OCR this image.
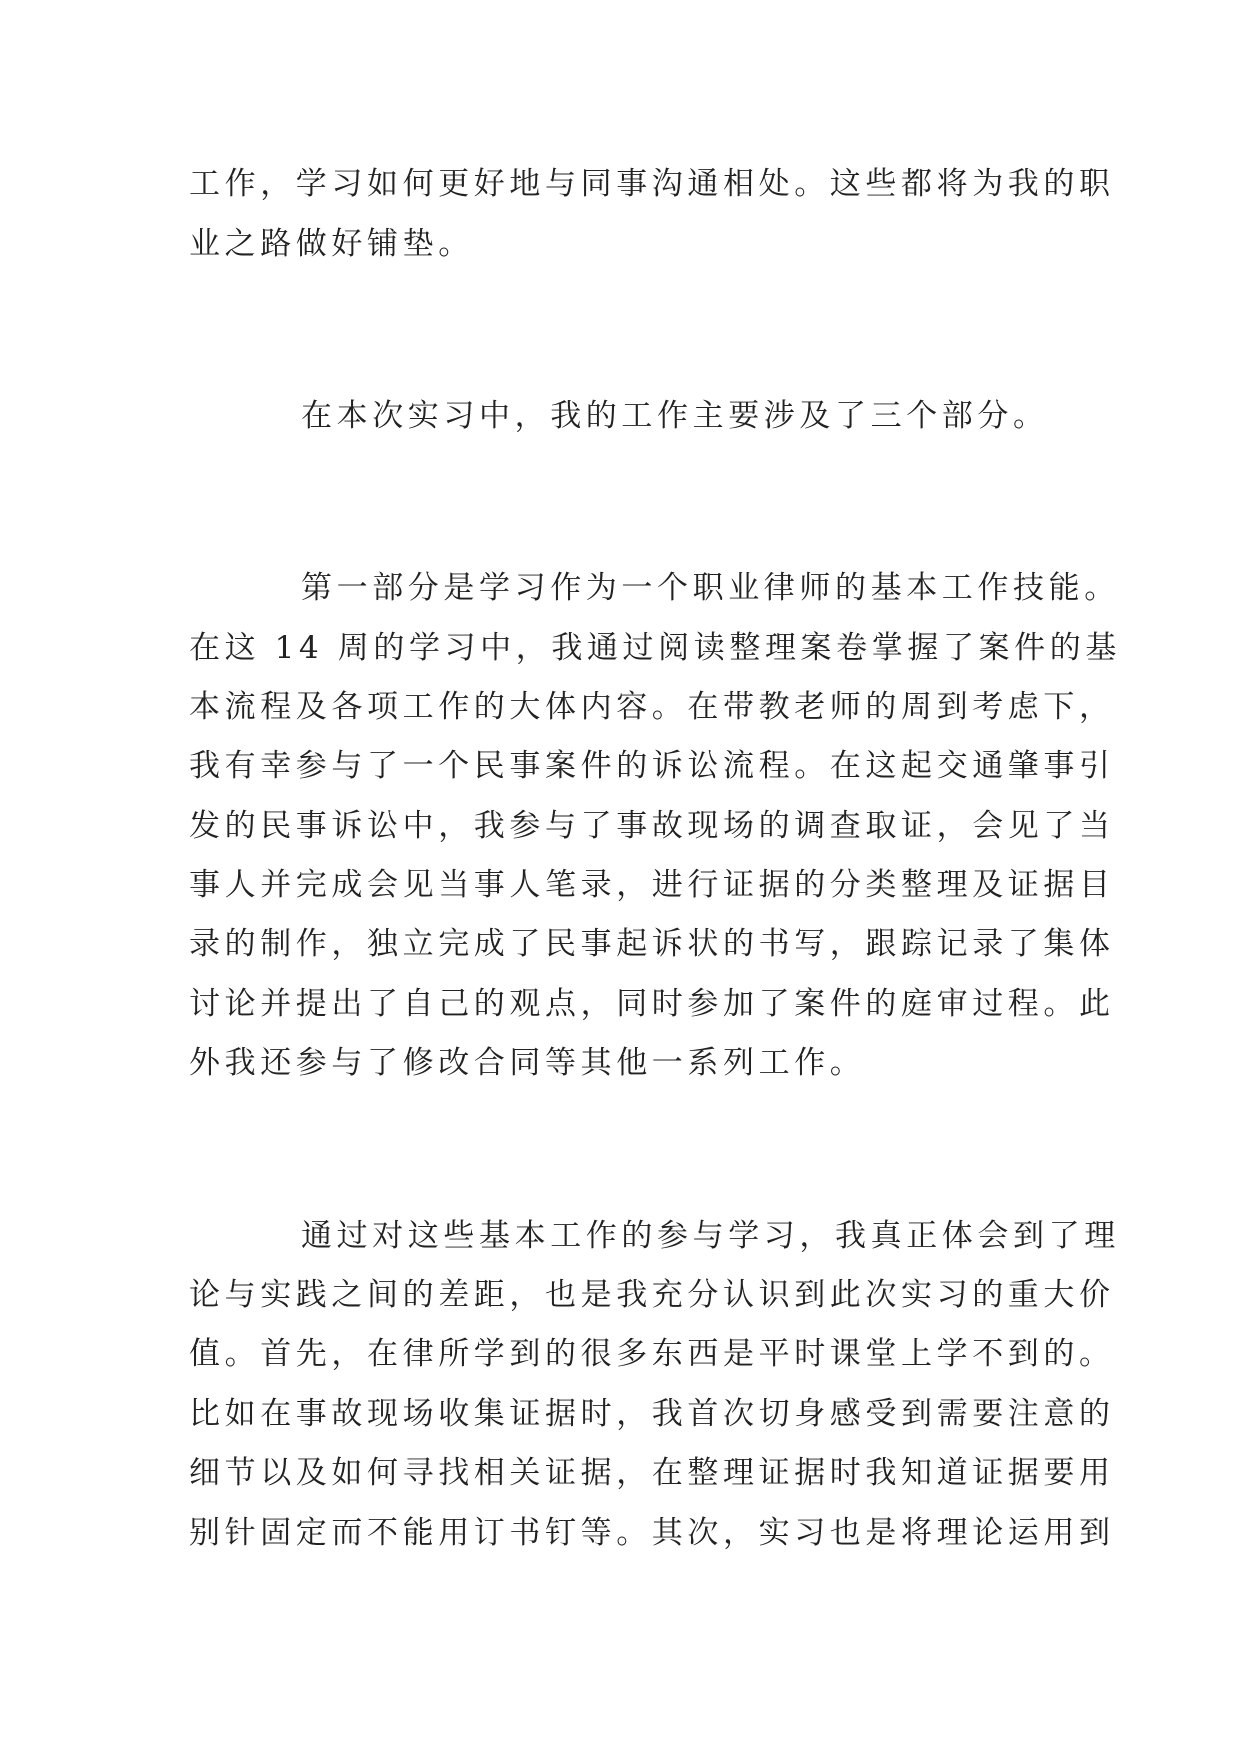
工作，学习如何更好地与同事沟通相处。这些都将为我的职
业之路做好铺垫。
在本次实习中，我的工作主要涉及了三个部分。
第一部分是学习作为一个职业律师的基本工作技能。
在这 14 周的学习中，我通过阅读整理案卷掌握了案件的基
本流程及各项工作的大体内容。在带教老师的周到考虑下，
我有幸参与了一个民事案件的诉讼流程。在这起交通肇事引
发的民事诉讼中，我参与了事故现场的调查取证，会见了当
事人并完成会见当事人笔录，进行证据的分类整理及证据目
录的制作，独立完成了民事起诉状的书写，跟踪记录了集体
讨论并提出了自己的观点，同时参加了案件的庭审过程。此
外我还参与了修改合同等其他一系列工作。
通过对这些基本工作的参与学习，我真正体会到了理
论与实践之间的差距，也是我充分认识到此次实习的重大价
值。首先，在律所学到的很多东西是平时课堂上学不到的。
比如在事故现场收集证据时，我首次切身感受到需要注意的
细节以及如何寻找相关证据，在整理证据时我知道证据要用
别针固定而不能用订书钉等。其次，实习也是将理论运用到
